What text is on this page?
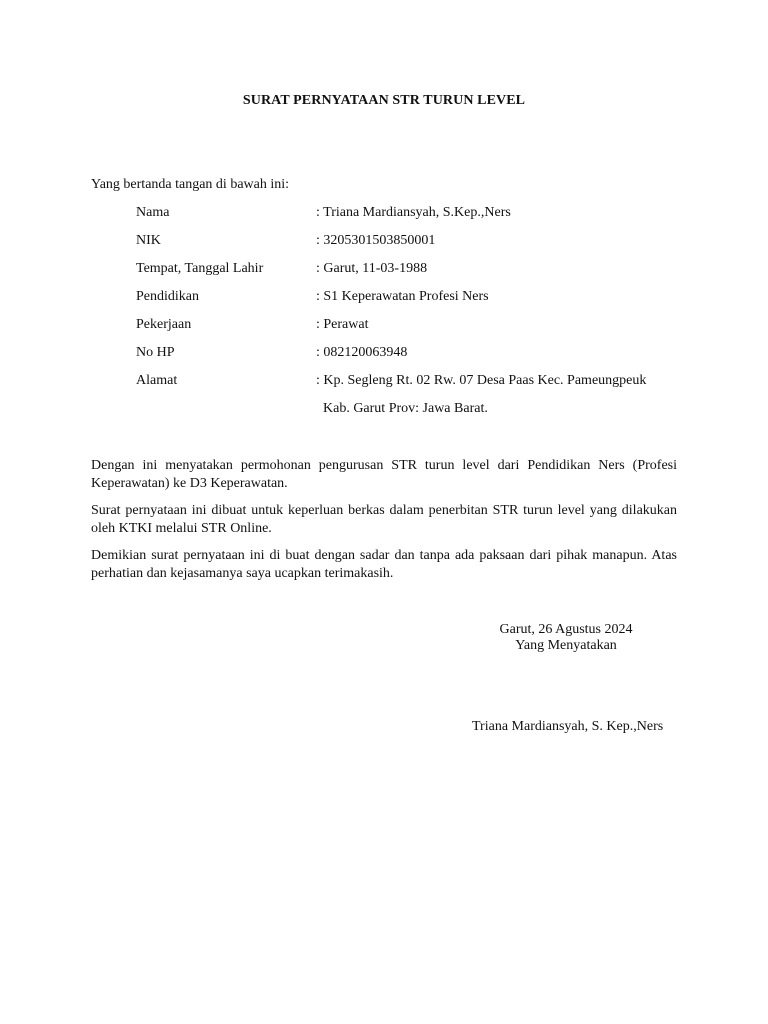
SURAT PERNYATAAN STR TURUN LEVEL
Yang bertanda tangan di bawah ini:
Nama	: Triana Mardiansyah, S.Kep.,Ners
NIK	: 3205301503850001
Tempat, Tanggal Lahir	: Garut, 11-03-1988
Pendidikan	: S1 Keperawatan Profesi Ners
Pekerjaan	: Perawat
No HP	: 082120063948
Alamat	: Kp. Segleng Rt. 02 Rw. 07 Desa Paas Kec. Pameungpeuk
Kab. Garut Prov: Jawa Barat.
Dengan ini menyatakan permohonan pengurusan STR turun level dari Pendidikan Ners (Profesi Keperawatan) ke D3 Keperawatan.
Surat pernyataan ini dibuat untuk keperluan berkas dalam penerbitan STR turun level yang dilakukan oleh KTKI melalui STR Online.
Demikian surat pernyataan ini di buat dengan sadar dan tanpa ada paksaan dari pihak manapun. Atas perhatian dan kejasamanya saya ucapkan terimakasih.
Garut, 26 Agustus 2024
Yang Menyatakan
Triana Mardiansyah, S. Kep.,Ners
